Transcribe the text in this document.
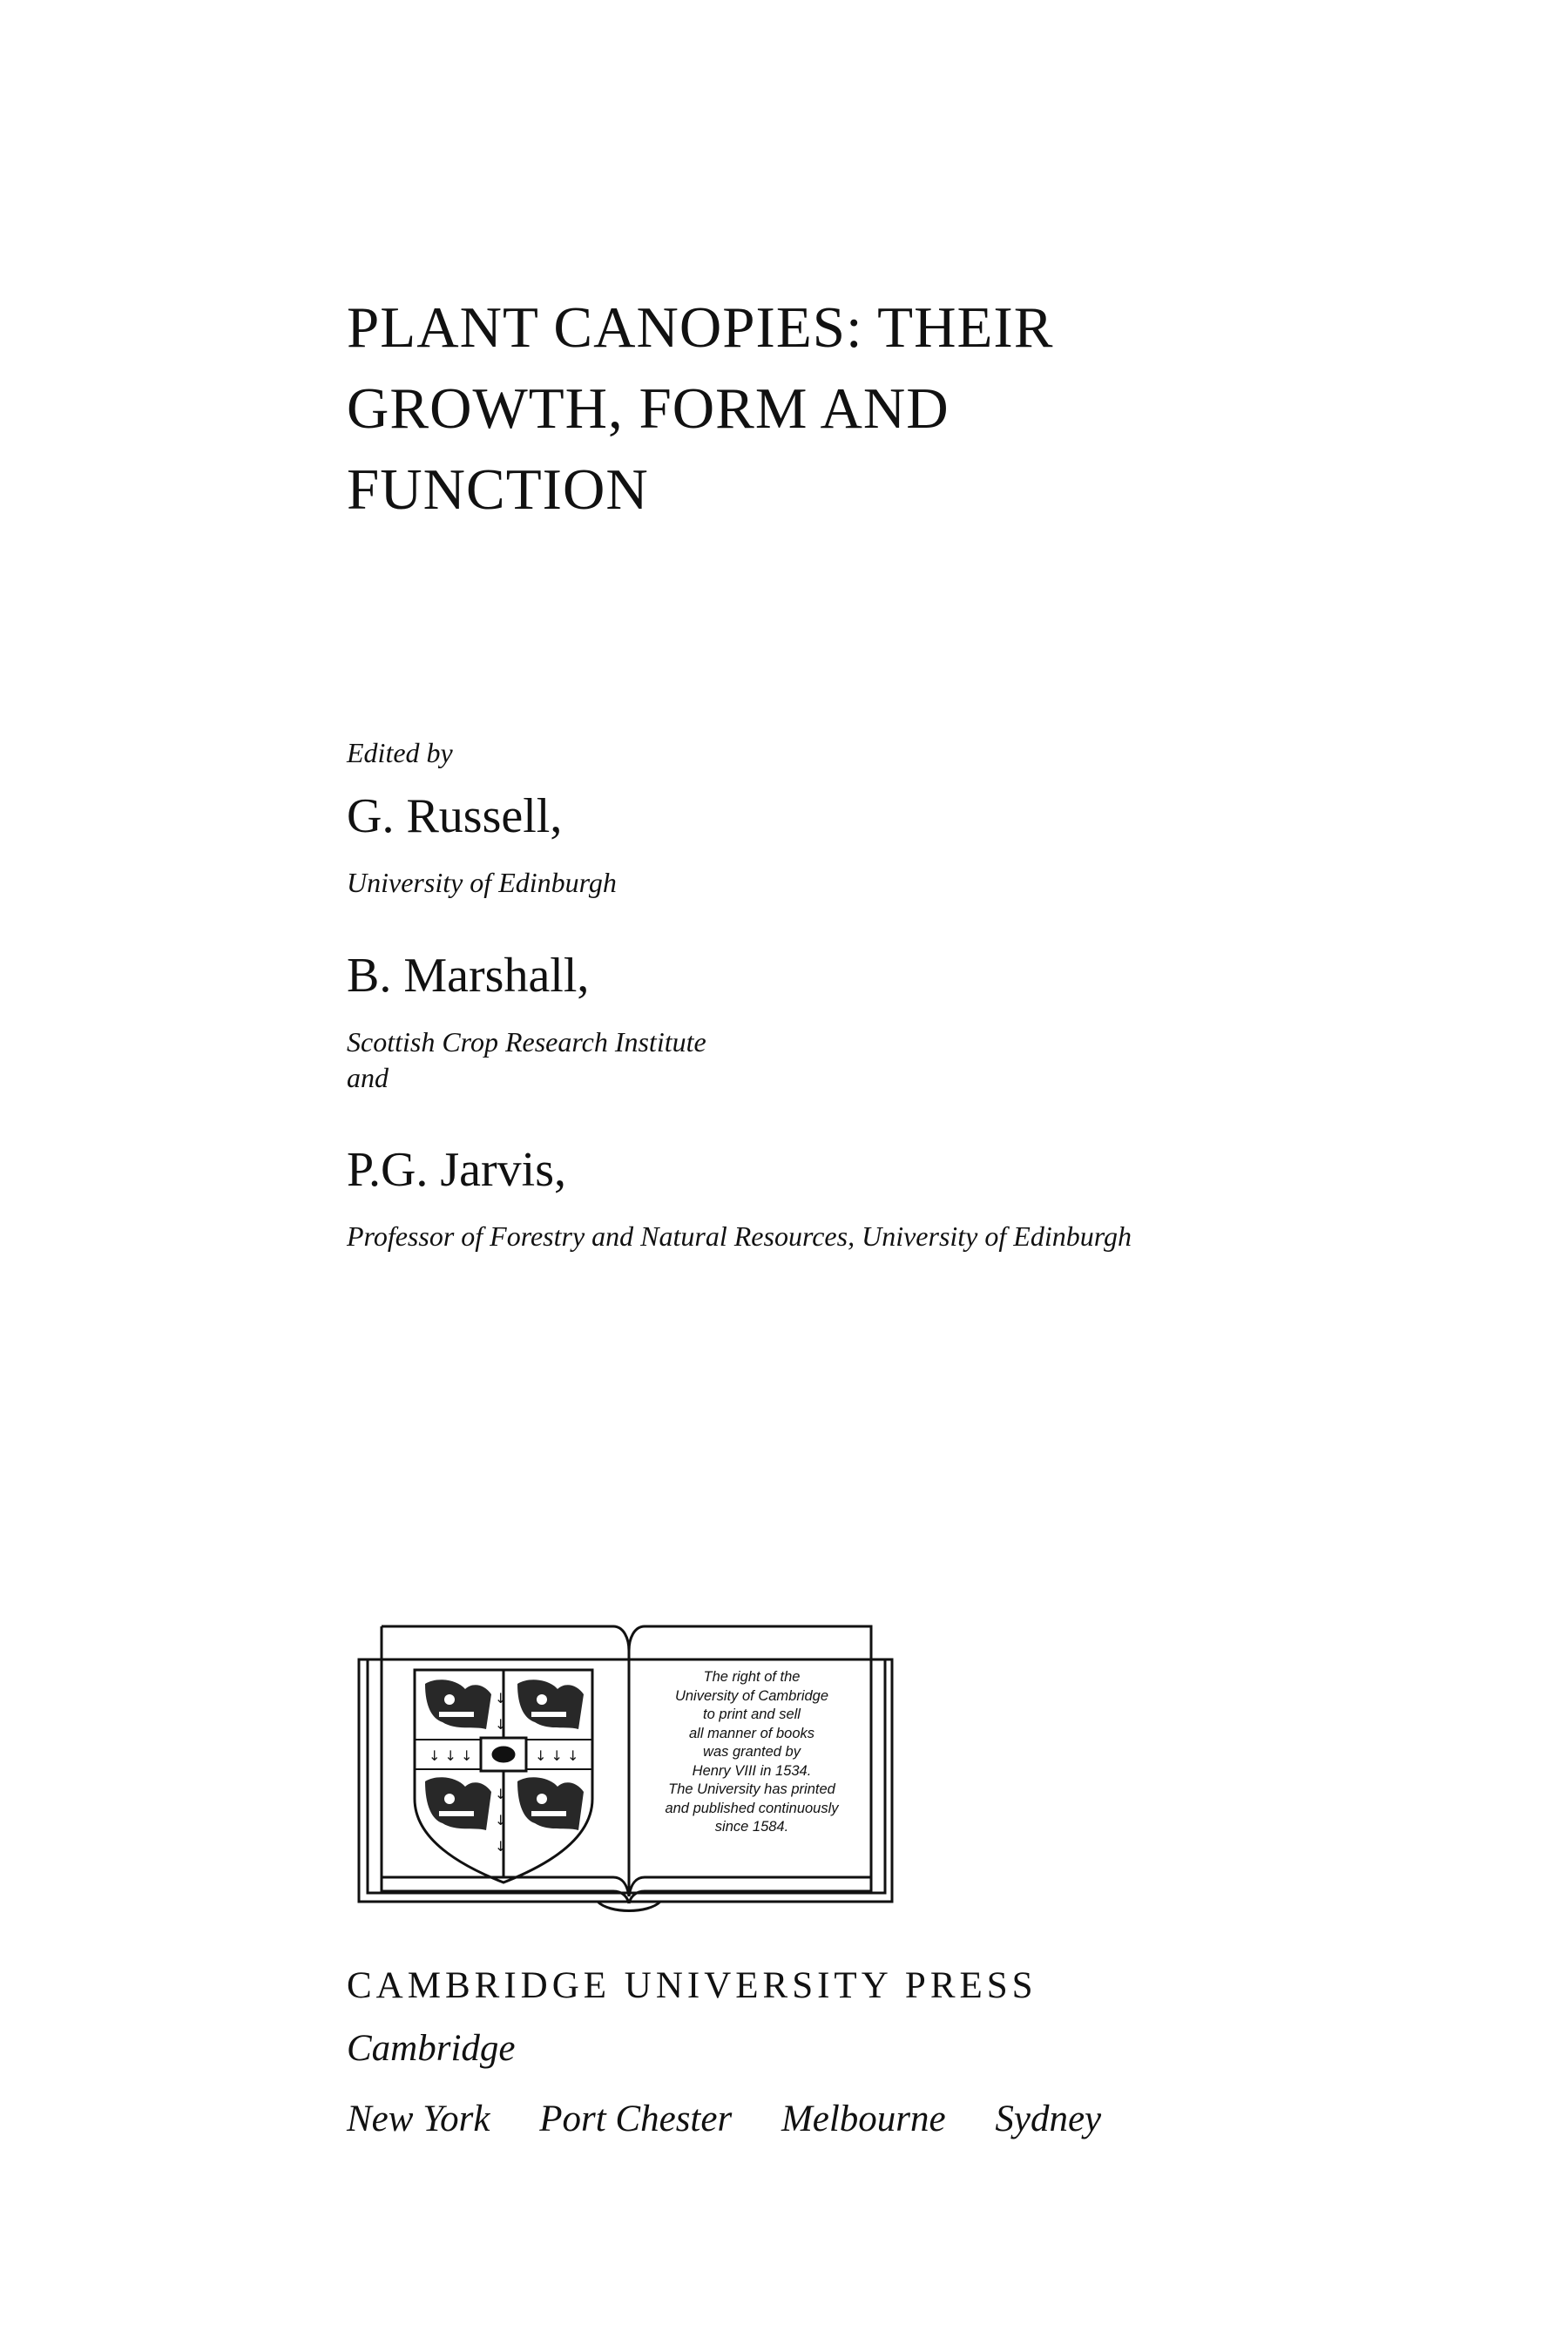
PLANT CANOPIES: THEIR
GROWTH, FORM AND
FUNCTION

Edited by

G. Russell,

University of Edinburgh

B. Marshall,

Scottish Crop Research Institute

and

P.G. Jarvis,

Professor of Forestry and Natural Resources, University of Edinburgh

↓ ↓ ↓	↓ ↓ ↓
↓
↓
↓
↓
↓

The right of the
University of Cambridge
to print and sell
all manner of books
was granted by
Henry VIII in 1534.
The University has printed
and published continuously
since 1584.

CAMBRIDGE UNIVERSITY PRESS

Cambridge

New York Port Chester Melbourne Sydney
